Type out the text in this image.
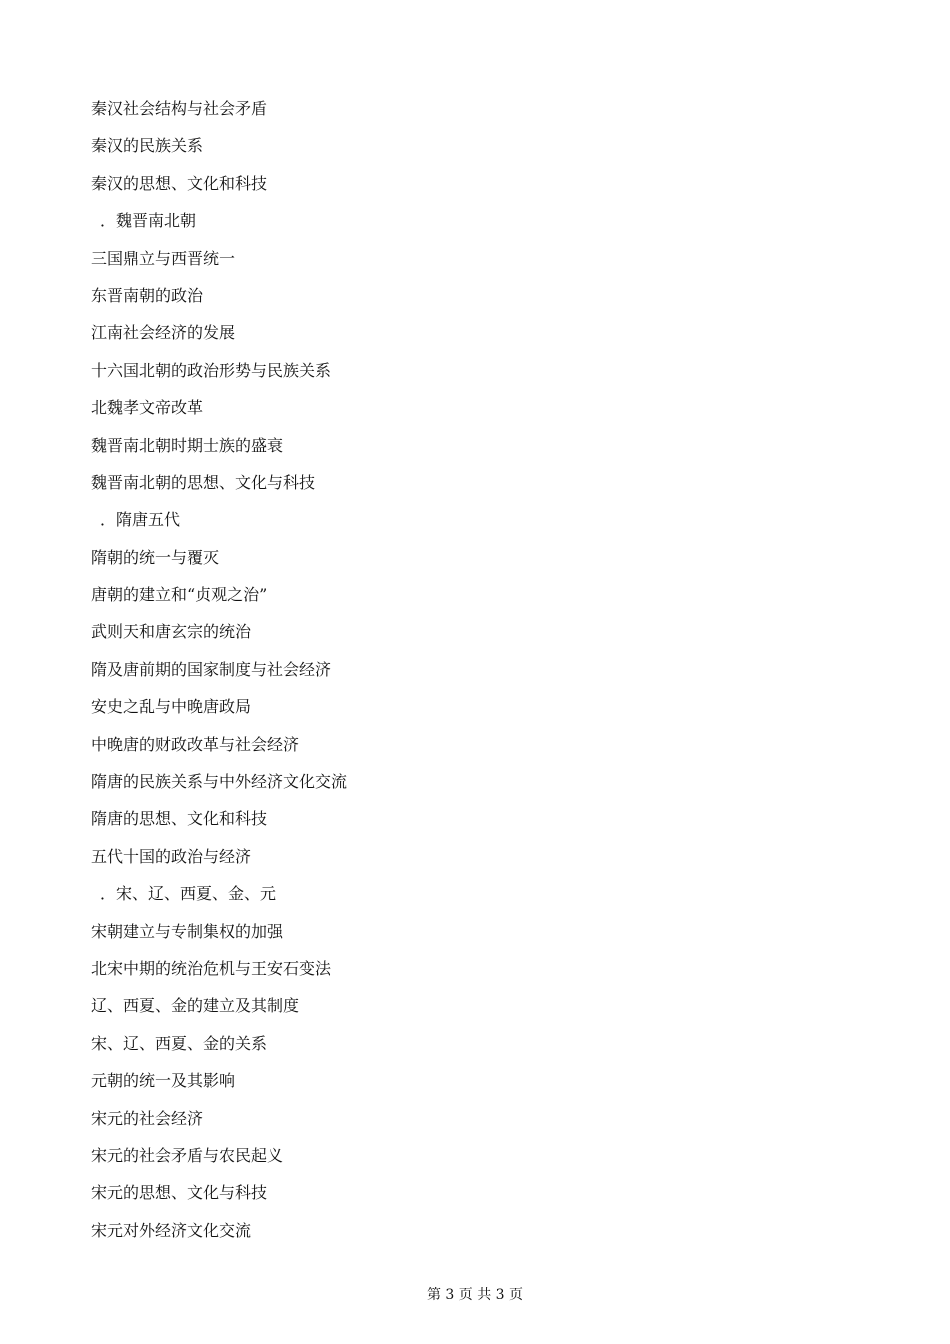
秦汉社会结构与社会矛盾
秦汉的民族关系
秦汉的思想、文化和科技
．魏晋南北朝
三国鼎立与西晋统一
东晋南朝的政治
江南社会经济的发展
十六国北朝的政治形势与民族关系
北魏孝文帝改革
魏晋南北朝时期士族的盛衰
魏晋南北朝的思想、文化与科技
．隋唐五代
隋朝的统一与覆灭
唐朝的建立和“贞观之治”
武则天和唐玄宗的统治
隋及唐前期的国家制度与社会经济
安史之乱与中晚唐政局
中晚唐的财政改革与社会经济
隋唐的民族关系与中外经济文化交流
隋唐的思想、文化和科技
五代十国的政治与经济
．宋、辽、西夏、金、元
宋朝建立与专制集权的加强
北宋中期的统治危机与王安石变法
辽、西夏、金的建立及其制度
宋、辽、西夏、金的关系
元朝的统一及其影响
宋元的社会经济
宋元的社会矛盾与农民起义
宋元的思想、文化与科技
宋元对外经济文化交流
第 3 页 共 3 页
